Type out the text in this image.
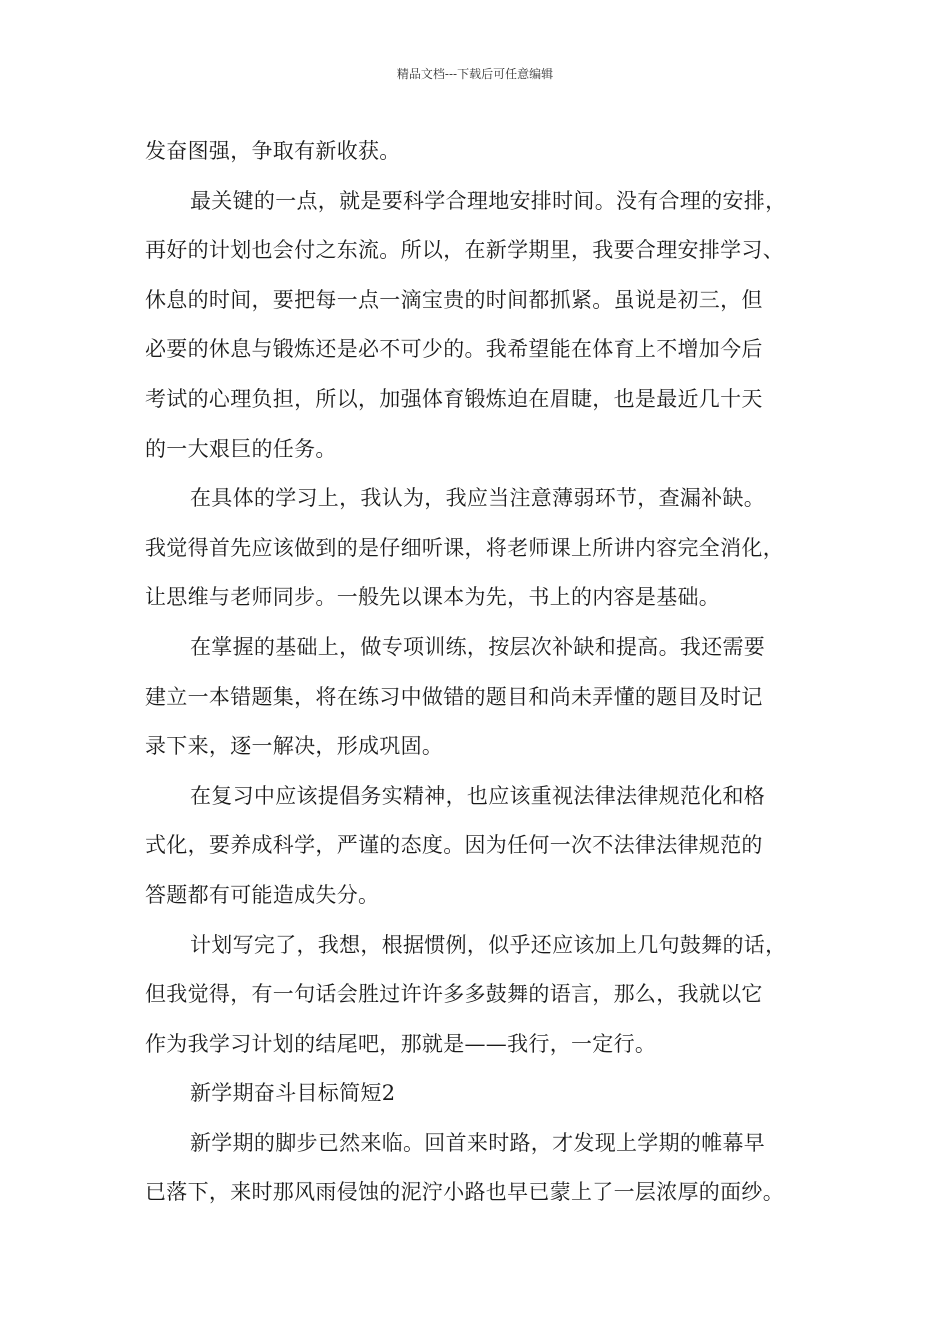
精品文档---下载后可任意编辑
发奋图强，争取有新收获。
最关键的一点，就是要科学合理地安排时间。没有合理的安排，
再好的计划也会付之东流。所以，在新学期里，我要合理安排学习、
休息的时间，要把每一点一滴宝贵的时间都抓紧。虽说是初三，但
必要的休息与锻炼还是必不可少的。我希望能在体育上不增加今后
考试的心理负担，所以，加强体育锻炼迫在眉睫，也是最近几十天
的一大艰巨的任务。
在具体的学习上，我认为，我应当注意薄弱环节，查漏补缺。
我觉得首先应该做到的是仔细听课，将老师课上所讲内容完全消化，
让思维与老师同步。一般先以课本为先，书上的内容是基础。
在掌握的基础上，做专项训练，按层次补缺和提高。我还需要
建立一本错题集，将在练习中做错的题目和尚未弄懂的题目及时记
录下来，逐一解决，形成巩固。
在复习中应该提倡务实精神，也应该重视法律法律规范化和格
式化，要养成科学，严谨的态度。因为任何一次不法律法律规范的
答题都有可能造成失分。
计划写完了，我想，根据惯例，似乎还应该加上几句鼓舞的话，
但我觉得，有一句话会胜过许许多多鼓舞的语言，那么，我就以它
作为我学习计划的结尾吧，那就是——我行，一定行。
新学期奋斗目标简短2
新学期的脚步已然来临。回首来时路，才发现上学期的帷幕早
已落下，来时那风雨侵蚀的泥泞小路也早已蒙上了一层浓厚的面纱。
